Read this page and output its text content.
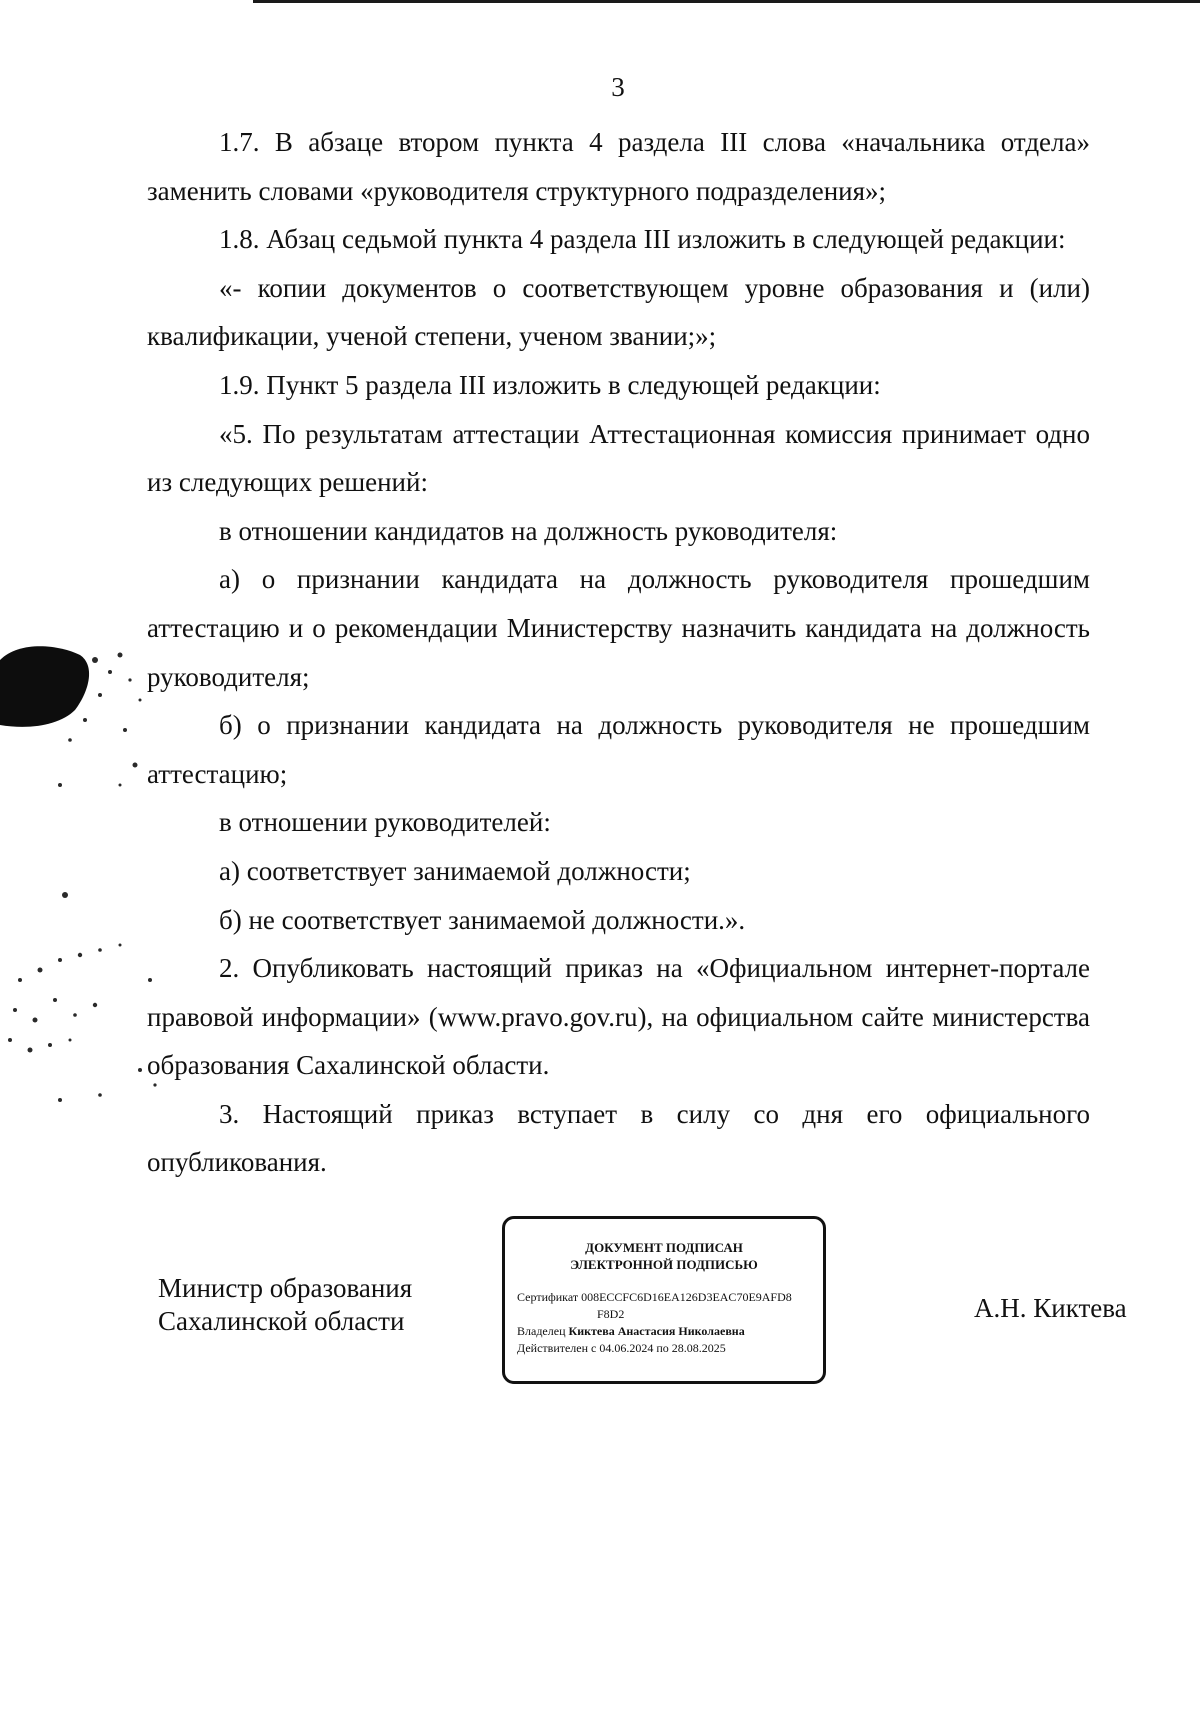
3

1.7. В абзаце втором пункта 4 раздела III слова «начальника отдела» заменить словами «руководителя структурного подразделения»;

1.8. Абзац седьмой пункта 4 раздела III изложить в следующей редакции:

«- копии документов о соответствующем уровне образования и (или) квалификации, ученой степени, ученом звании;»;

1.9. Пункт 5 раздела III изложить в следующей редакции:

«5. По результатам аттестации Аттестационная комиссия принимает одно из следующих решений:

в отношении кандидатов на должность руководителя:

а) о признании кандидата на должность руководителя прошедшим аттестацию и о рекомендации Министерству назначить кандидата на должность руководителя;

б) о признании кандидата на должность руководителя не прошедшим аттестацию;

в отношении руководителей:

а) соответствует занимаемой должности;

б) не соответствует занимаемой должности.».

2. Опубликовать настоящий приказ на «Официальном интернет-портале правовой информации» (www.pravo.gov.ru), на официальном сайте министерства образования Сахалинской области.

3. Настоящий приказ вступает в силу со дня его официального опубликования.

Министр образования
Сахалинской области
ДОКУМЕНТ ПОДПИСАН
ЭЛЕКТРОННОЙ ПОДПИСЬЮ
Сертификат 008ECCFC6D16EA126D3EAC70E9AFD8
F8D2
Владелец Киктева Анастасия Николаевна
Действителен с 04.06.2024 по 28.08.2025
А.Н. Киктева
